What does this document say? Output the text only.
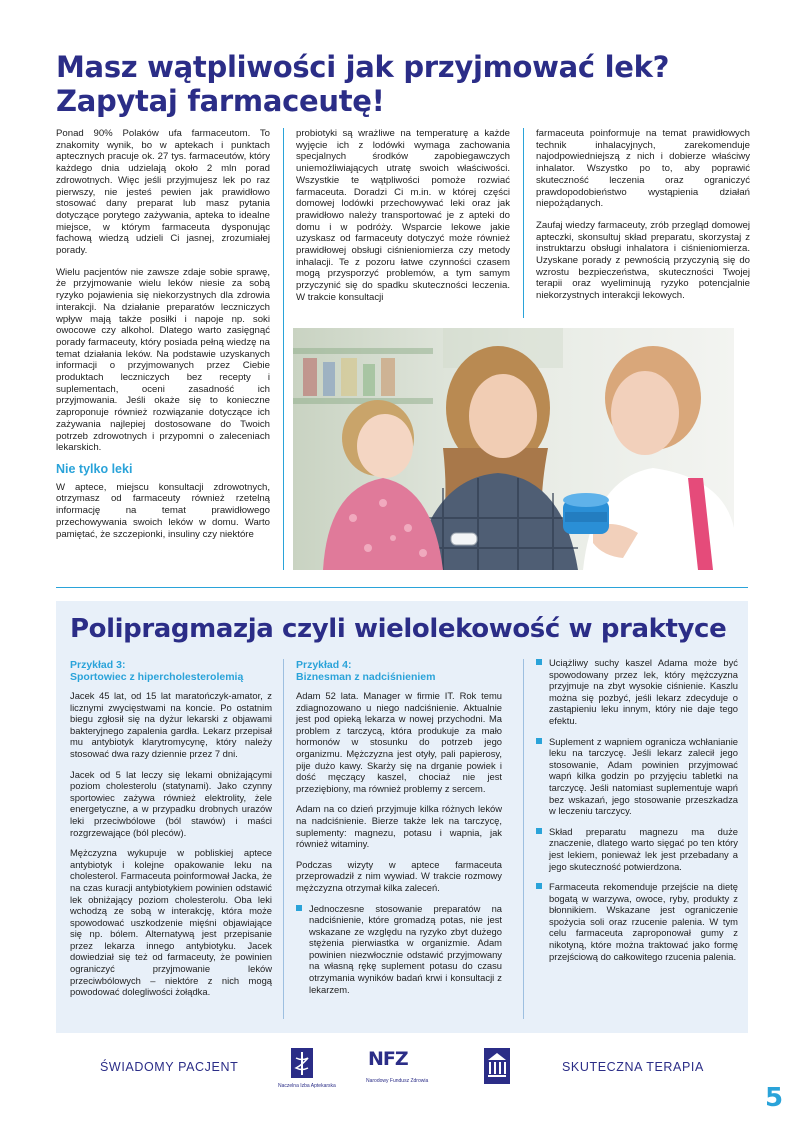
Masz wątpliwości jak przyjmować lek? Zapytaj farmaceutę!

Ponad 90% Polaków ufa farmaceutom. To znakomity wynik, bo w aptekach i punktach aptecznych pracuje ok. 27 tys. farmaceutów, który każdego dnia udzielają około 2 mln porad zdrowotnych. Więc jeśli przyjmujesz lek po raz pierwszy, nie jesteś pewien jak prawidłowo stosować dany preparat lub masz pytania dotyczące porytego zażywania, apteka to idealne miejsce, w którym farmaceuta dysponując fachową wiedzą udzieli Ci jasnej, zrozumiałej porady.

Wielu pacjentów nie zawsze zdaje sobie sprawę, że przyjmowanie wielu leków niesie za sobą ryzyko pojawienia się niekorzystnych dla zdrowia interakcji. Na działanie preparatów leczniczych wpływ mają także posiłki i napoje np. soki owocowe czy alkohol. Dlatego warto zasięgnąć porady farmaceuty, który posiada pełną wiedzę na temat działania leków. Na podstawie uzyskanych informacji o przyjmowanych przez Ciebie produktach leczniczych bez recepty i suplementach, oceni zasadność ich przyjmowania. Jeśli okaże się to konieczne zaproponuje również rozwiązanie dotyczące ich zażywania najlepiej dostosowane do Twoich potrzeb zdrowotnych i przypomni o zaleceniach lekarskich.

Nie tylko leki

W aptece, miejscu konsultacji zdrowotnych, otrzymasz od farmaceuty również rzetelną informację na temat prawidłowego przechowywania swoich leków w domu. Warto pamiętać, że szczepionki, insuliny czy niektóre

probiotyki są wrażliwe na temperaturę a każde wyjęcie ich z lodówki wymaga zachowania specjalnych środków zapobiegawczych uniemożliwiających utratę swoich właściwości. Wszystkie te wątpliwości pomoże rozwiać farmaceuta. Doradzi Ci m.in. w której części domowej lodówki przechowywać leki oraz jak prawidłowo należy transportować je z apteki do domu i w podróży. Wsparcie lekowe jakie uzyskasz od farmaceuty dotyczyć może również prawidłowej obsługi ciśnieniomierza czy metody inhalacji. Te z pozoru łatwe czynności czasem mogą przysporzyć problemów, a tym samym przyczynić się do spadku skuteczności leczenia. W trakcie konsultacji

farmaceuta poinformuje na temat prawidłowych technik inhalacyjnych, zarekomenduje najodpowiedniejszą z nich i dobierze właściwy inhalator. Wszystko po to, aby poprawić skuteczność leczenia oraz ograniczyć prawdopodobieństwo wystąpienia działań niepożądanych.

Zaufaj wiedzy farmaceuty, zrób przegląd domowej apteczki, skonsultuj skład preparatu, skorzystaj z instruktarzu obsługi inhalatora i ciśnieniomierza. Uzyskane porady z pewnością przyczynią się do wzrostu bezpieczeństwa, skuteczności Twojej terapii oraz wyeliminują ryzyko potencjalnie niekorzystnych interakcji lekowych.

Polipragmazja czyli wielolekowość w praktyce
Przykład 3:
Sportowiec z hipercholesterolemią

Jacek 45 lat, od 15 lat maratończyk-amator, z licznymi zwycięstwami na koncie. Po ostatnim biegu zgłosił się na dyżur lekarski z objawami bakteryjnego zapalenia gardła. Lekarz przepisał mu antybiotyk klarytromycynę, który należy stosować dwa razy dziennie przez 7 dni.

Jacek od 5 lat leczy się lekami obniżającymi poziom cholesterolu (statynami). Jako czynny sportowiec zażywa również elektrolity, żele energetyczne, a w przypadku drobnych urazów leki przeciwbólowe (ból stawów) i maści rozgrzewające (ból pleców).

Mężczyzna wykupuje w pobliskiej aptece antybiotyk i kolejne opakowanie leku na cholesterol. Farmaceuta poinformował Jacka, że na czas kuracji antybiotykiem powinien odstawić lek obniżający poziom cholesterolu. Oba leki wchodzą ze sobą w interakcję, która może spowodować uszkodzenie mięśni objawiające się np. bólem. Alternatywą jest przepisanie przez lekarza innego antybiotyku. Jacek dowiedział się też od farmaceuty, że powinien ograniczyć przyjmowanie leków przeciwbólowych – niektóre z nich mogą powodować dolegliwości żołądka.

Przykład 4:
Biznesman z nadciśnieniem

Adam 52 lata. Manager w firmie IT. Rok temu zdiagnozowano u niego nadciśnienie. Aktualnie jest pod opieką lekarza w nowej przychodni. Ma problem z tarczycą, która produkuje za mało hormonów w stosunku do potrzeb jego organizmu. Mężczyzna jest otyły, pali papierosy, pije dużo kawy. Skarży się na drganie powiek i dość męczący kaszel, chociaż nie jest przeziębiony, ma również problemy z sercem.

Adam na co dzień przyjmuje kilka różnych leków na nadciśnienie. Bierze także lek na tarczycę, suplementy: magnezu, potasu i wapnia, jak również witaminy.

Podczas wizyty w aptece farmaceuta przeprowadził z nim wywiad. W trakcie rozmowy mężczyzna otrzymał kilka zaleceń.

Jednoczesne stosowanie preparatów na nadciśnienie, które gromadzą potas, nie jest wskazane ze względu na ryzyko zbyt dużego stężenia pierwiastka w organizmie. Adam powinien niezwłocznie odstawić przyjmowany na własną rękę suplement potasu do czasu otrzymania wyników badań krwi i konsultacji z lekarzem.
Uciążliwy suchy kaszel Adama może być spowodowany przez lek, który mężczyzna przyjmuje na zbyt wysokie ciśnienie. Kaszlu można się pozbyć, jeśli lekarz zdecyduje o zastąpieniu leku innym, który nie daje tego efektu.
Suplement z wapniem ogranicza wchłanianie leku na tarczycę. Jeśli lekarz zalecił jego stosowanie, Adam powinien przyjmować wapń kilka godzin po przyjęciu tabletki na tarczycę. Jeśli natomiast suplementuje wapń bez wskazań, jego stosowanie przeszkadza w leczeniu tarczycy.
Skład preparatu magnezu ma duże znaczenie, dlatego warto sięgać po ten który jest lekiem, ponieważ lek jest przebadany a jego skuteczność potwierdzona.
Farmaceuta rekomenduje przejście na dietę bogatą w warzywa, owoce, ryby, produkty z błonnikiem. Wskazane jest ograniczenie spożycia soli oraz rzucenie palenia. W tym celu farmaceuta zaproponował gumy z nikotyną, które można traktować jako formę przejściową do całkowitego rzucenia palenia.
ŚWIADOMY PACJENT
Naczelna Izba Aptekarska
NFZ
Narodowy Fundusz Zdrowia
SKUTECZNA TERAPIA
5
